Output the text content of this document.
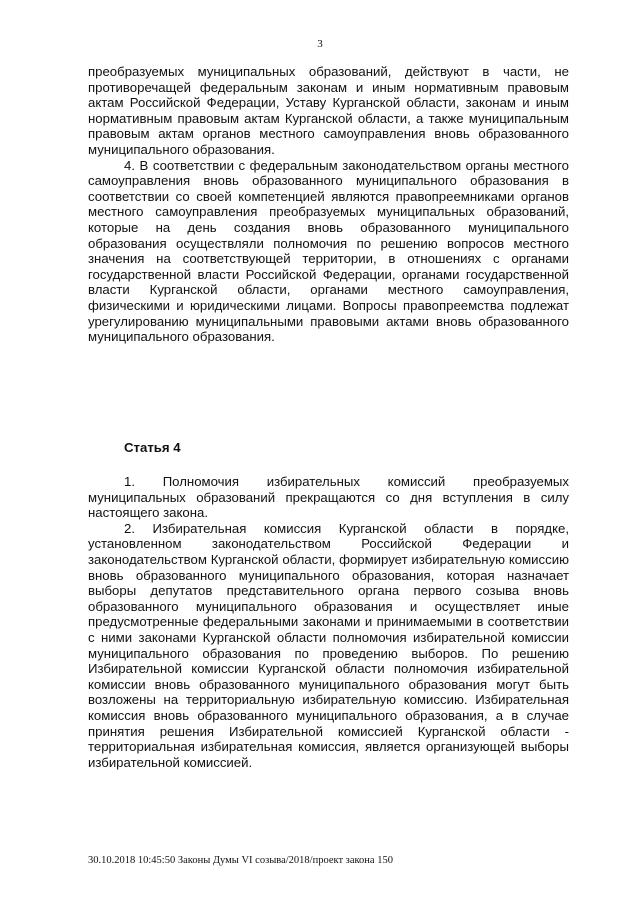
3

преобразуемых муниципальных образований, действуют в части, не противоречащей федеральным законам и иным нормативным правовым актам Российской Федерации, Уставу Курганской области, законам и иным нормативным правовым актам Курганской области, а также муниципальным правовым актам органов местного самоуправления вновь образованного муниципального образования.

4. В соответствии с федеральным законодательством органы местного самоуправления вновь образованного муниципального образования в соответствии со своей компетенцией являются правопреемниками органов местного самоуправления преобразуемых муниципальных образований, которые на день создания вновь образованного муниципального образования осуществляли полномочия по решению вопросов местного значения на соответствующей территории, в отношениях с органами государственной власти Российской Федерации, органами государственной власти Курганской области, органами местного самоуправления, физическими и юридическими лицами. Вопросы правопреемства подлежат урегулированию муниципальными правовыми актами вновь образованного муниципального образования.

Статья 4

1. Полномочия избирательных комиссий преобразуемых муниципальных образований прекращаются со дня вступления в силу настоящего закона.

2. Избирательная комиссия Курганской области в порядке, установленном законодательством Российской Федерации и законодательством Курганской области, формирует избирательную комиссию вновь образованного муниципального образования, которая назначает выборы депутатов представительного органа первого созыва вновь образованного муниципального образования и осуществляет иные предусмотренные федеральными законами и принимаемыми в соответствии с ними законами Курганской области полномочия избирательной комиссии муниципального образования по проведению выборов. По решению Избирательной комиссии Курганской области полномочия избирательной комиссии вновь образованного муниципального образования могут быть возложены на территориальную избирательную комиссию. Избирательная комиссия вновь образованного муниципального образования, а в случае принятия решения Избирательной комиссией Курганской области - территориальная избирательная комиссия, является организующей выборы избирательной комиссией.

30.10.2018 10:45:50 Законы Думы VI созыва/2018/проект закона 150
